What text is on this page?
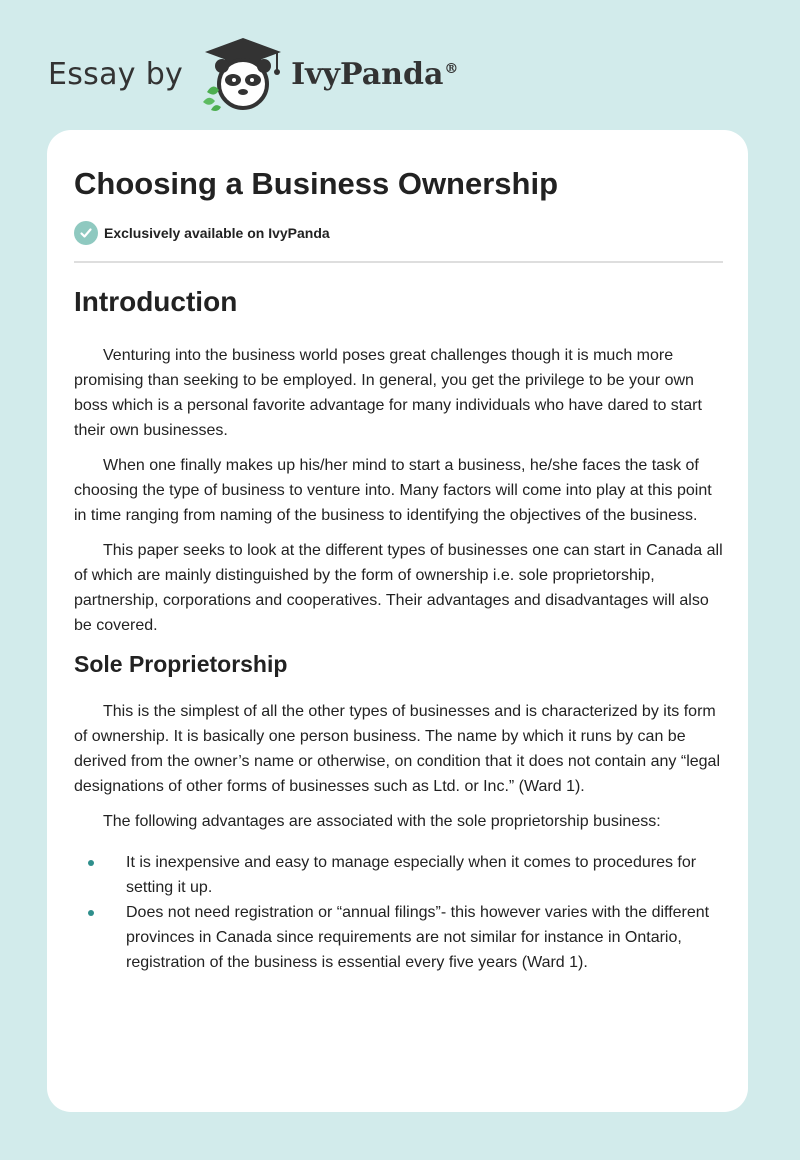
Essay by	IvyPanda®
Choosing a Business Ownership
Exclusively available on IvyPanda
Introduction

Venturing into the business world poses great challenges though it is much more promising than seeking to be employed. In general, you get the privilege to be your own boss which is a personal favorite advantage for many individuals who have dared to start their own businesses.

When one finally makes up his/her mind to start a business, he/she faces the task of choosing the type of business to venture into. Many factors will come into play at this point in time ranging from naming of the business to identifying the objectives of the business.

This paper seeks to look at the different types of businesses one can start in Canada all of which are mainly distinguished by the form of ownership i.e. sole proprietorship, partnership, corporations and cooperatives. Their advantages and disadvantages will also be covered.

Sole Proprietorship

This is the simplest of all the other types of businesses and is characterized by its form of ownership. It is basically one person business. The name by which it runs by can be derived from the owner’s name or otherwise, on condition that it does not contain any “legal designations of other forms of businesses such as Ltd. or Inc.” (Ward 1).

The following advantages are associated with the sole proprietorship business:

It is inexpensive and easy to manage especially when it comes to procedures for setting it up.
Does not need registration or “annual filings”- this however varies with the different provinces in Canada since requirements are not similar for instance in Ontario, registration of the business is essential every five years (Ward 1).
